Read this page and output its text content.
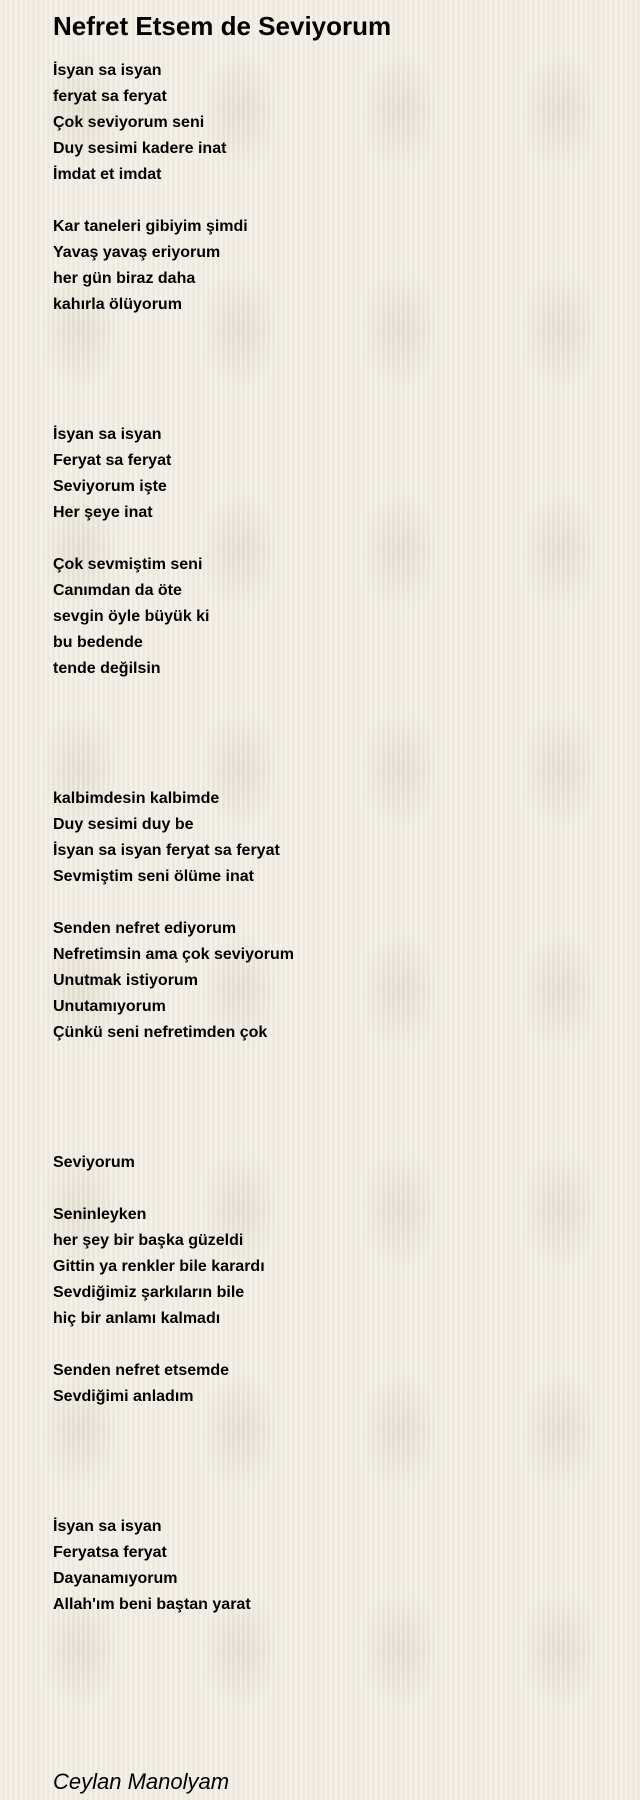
Nefret Etsem de Seviyorum
İsyan sa isyan
feryat sa feryat
Çok seviyorum seni
Duy sesimi kadere inat
İmdat et imdat
Kar taneleri gibiyim şimdi
Yavaş yavaş eriyorum
her gün biraz daha
kahırla ölüyorum
İsyan sa isyan
Feryat sa feryat
Seviyorum işte
Her şeye inat
Çok sevmiştim seni
Canımdan da öte
sevgin öyle büyük ki
bu bedende
tende değilsin
kalbimdesin kalbimde
Duy sesimi duy be
İsyan sa isyan feryat sa feryat
Sevmiştim seni ölüme inat
Senden nefret ediyorum
Nefretimsin ama çok seviyorum
Unutmak istiyorum
Unutamıyorum
Çünkü seni nefretimden çok
Seviyorum
Seninleyken
her şey bir başka güzeldi
Gittin ya renkler bile karardı
Sevdiğimiz şarkıların bile
hiç bir anlamı kalmadı
Senden nefret etsemde
Sevdiğimi anladım
İsyan sa isyan
Feryatsa feryat
Dayanamıyorum
Allah'ım beni baştan yarat
Ceylan Manolyam
